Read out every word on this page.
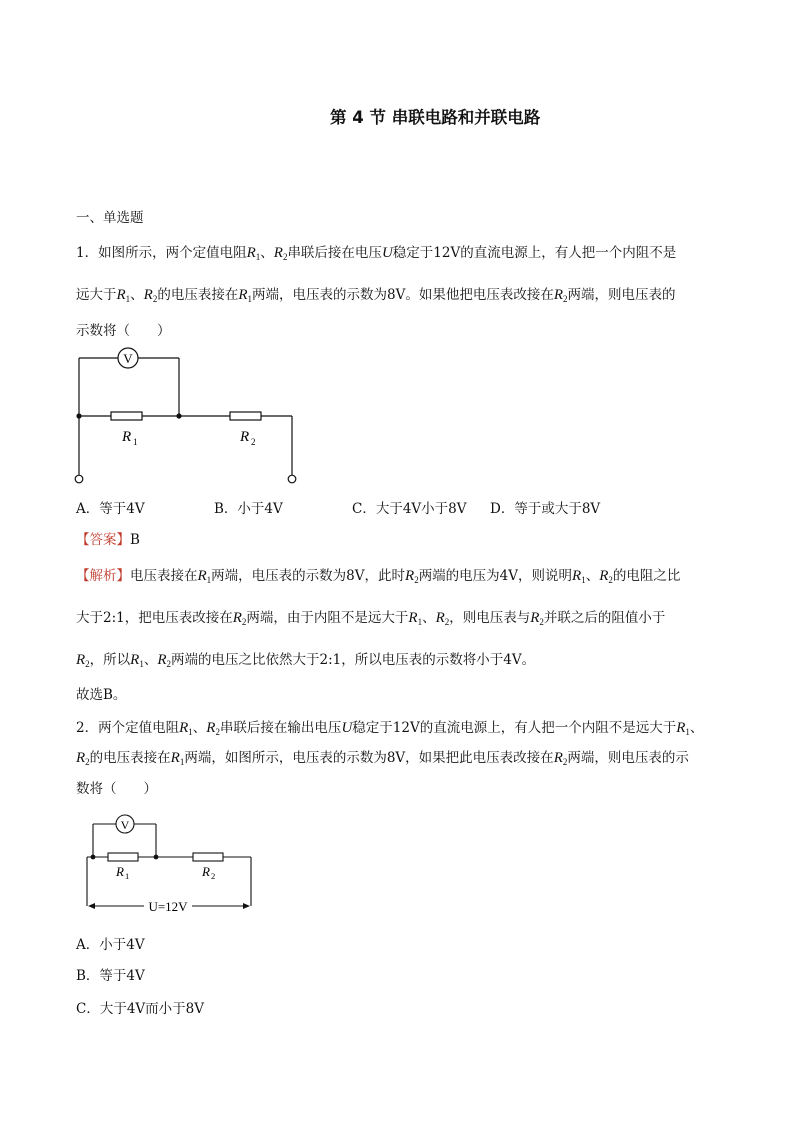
第 4 节 串联电路和并联电路
一、单选题
1．如图所示，两个定值电阻$R_1$、$R_2$串联后接在电压U稳定于12V的直流电源上，有人把一个内阻不是
远大于$R_1$、$R_2$的电压表接在$R_1$两端，电压表的示数为8V。如果他把电压表改接在$R_2$两端，则电压表的
示数将（　　）
V
R 1	R 2
A．等于4V	B．小于4V	C．大于4V小于8V D．等于或大于8V
【答案】B
【解析】电压表接在$R_1$两端，电压表的示数为8V，此时$R_2$两端的电压为4V，则说明$R_1$、$R_2$的电阻之比
大于2:1，把电压表改接在$R_2$两端，由于内阻不是远大于$R_1$、$R_2$，则电压表与$R_2$并联之后的阻值小于
$R_2$，所以$R_1$、$R_2$两端的电压之比依然大于2:1，所以电压表的示数将小于4V。
故选B。
2．两个定值电阻$R_1$、$R_2$串联后接在输出电压U稳定于12V的直流电源上，有人把一个内阻不是远大于$R_1$、
$R_2$的电压表接在$R_1$两端，如图所示，电压表的示数为8V，如果把此电压表改接在$R_2$两端，则电压表的示
数将（　　）
V
R 1	R 2
U=12V
A．小于4V
B．等于4V
C．大于4V而小于8V
